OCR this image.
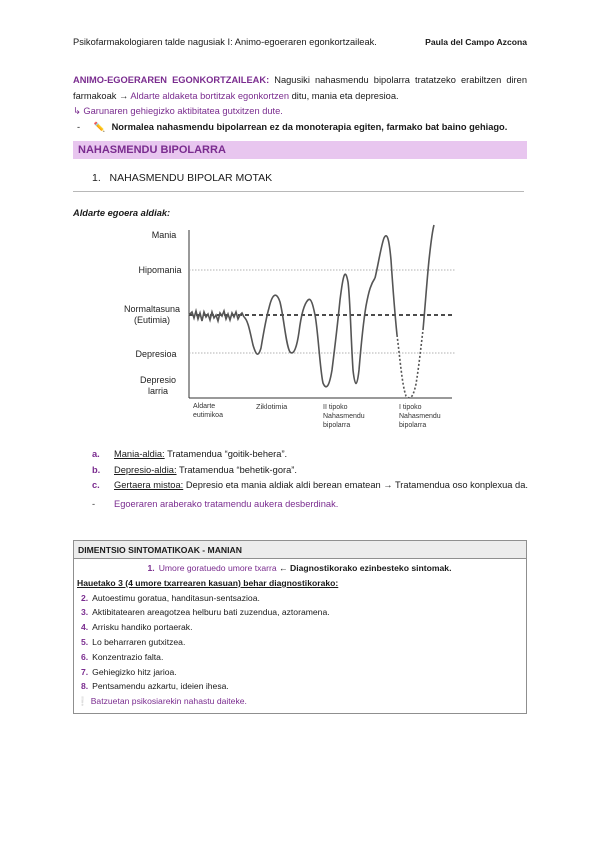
Psikofarmakologiaren talde nagusiak I: Animo-egoeraren egonkortzaileak.	Paula del Campo Azcona
ANIMO-EGOERAREN EGONKORTZAILEAK: Nagusiki nahasmendu bipolarra tratatzeko erabiltzen diren farmakoak → Aldarte aldaketa bortitzak egonkortzen ditu, mania eta depresioa.
↳ Garunaren gehiegizko aktibitatea gutxitzen dute.
- ✏️ Normalea nahasmendu bipolarrean ez da monoterapia egiten, farmako bat baino gehiago.
NAHASMENDU BIPOLARRA
1. NAHASMENDU BIPOLAR MOTAK
Aldarte egoera aldiak:
Mania
Hipomania
Normaltasuna
(Eutimia)
Depresioa
Depresio
larria
Aldarte
eutimikoa
Ziklotimia	II tipoko
Nahasmendu
bipolarra
I tipoko
Nahasmendu
bipolarra
a. Mania-aldia: Tratamendua “goitik-behera”.
b. Depresio-aldia: Tratamendua “behetik-gora”.
c. Gertaera mistoa: Depresio eta mania aldiak aldi berean ematean → Tratamendua oso konplexua da.
- Egoeraren araberako tratamendu aukera desberdinak.
DIMENTSIO SINTOMATIKOAK - MANIAN
1. Umore goratuedo umore txarra ← Diagnostikorako ezinbesteko sintomak.
Hauetako 3 (4 umore txarrearen kasuan) behar diagnostikorako:
2. Autoestimu goratua, handitasun-sentsazioa.
3. Aktibitatearen areagotzea helburu bati zuzendua, aztoramena.
4. Arrisku handiko portaerak.
5. Lo beharraren gutxitzea.
6. Konzentrazio falta.
7. Gehiegizko hitz jarioa.
8. Pentsamendu azkartu, ideien ihesa.
❕ Batzuetan psikosiarekin nahastu daiteke.
